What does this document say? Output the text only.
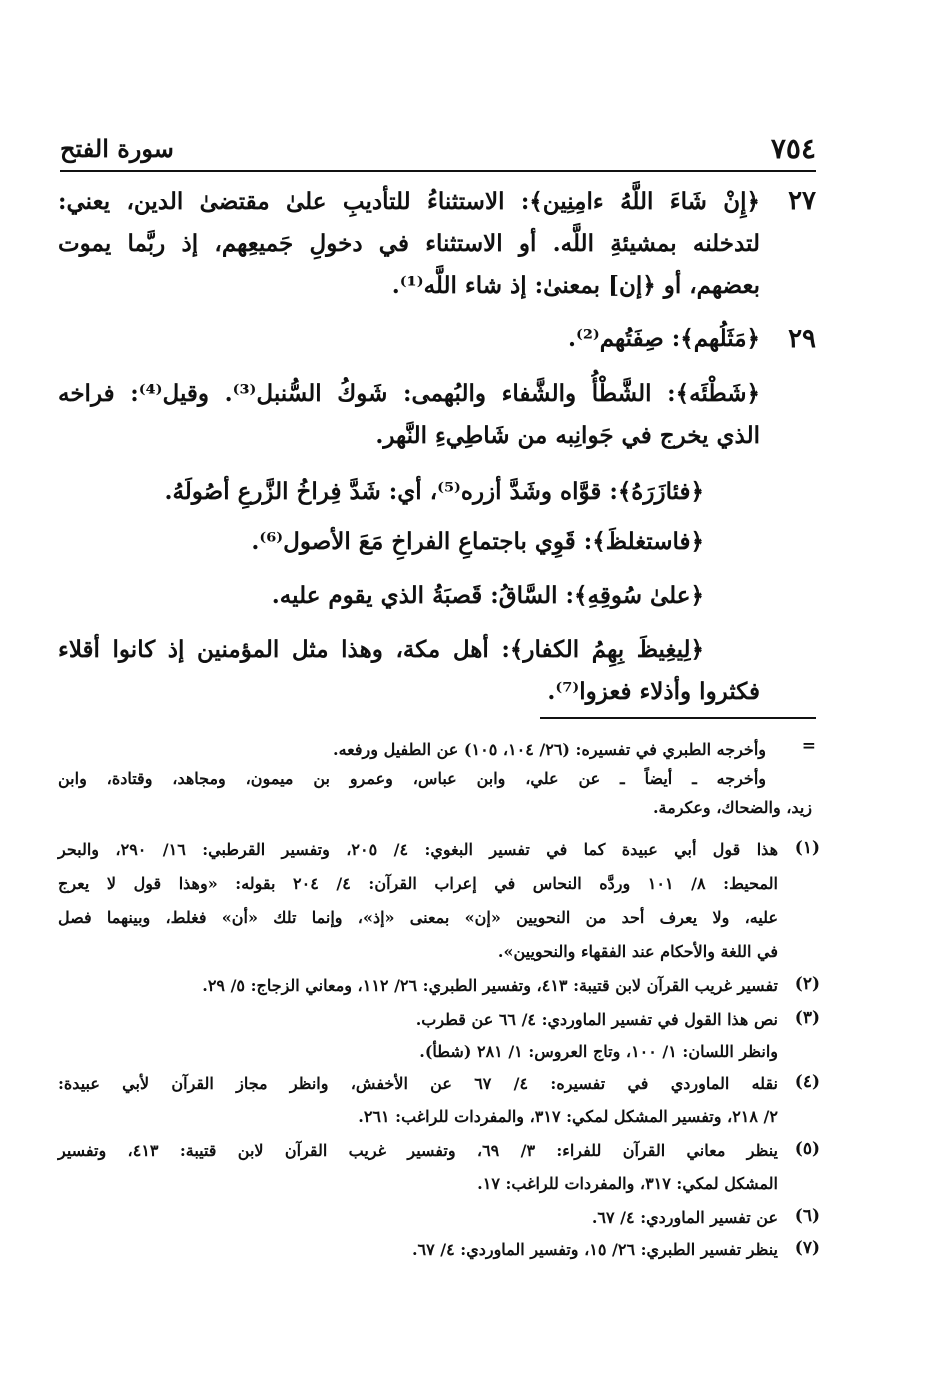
٧٥٤
سورة الفتح
٢٧
﴿إِنْ شَاءَ اللَّهُ ءامِنِين﴾: الاستثناءُ للتأديبِ علىٰ مقتضىٰ الدين، يعني:
لتدخلنه بمشيئةِ اللَّه. أو الاستثناء في دخولِ جَميعِهم، إذ ربَّما يموت
بعضهم، أو ﴿إن] بمعنىٰ: إذ شاء اللَّه⁽¹⁾.
٢٩
﴿مَثَلُهم﴾: صِفَتُهم⁽²⁾.
﴿شَطْئَه﴾: الشَّطْأُ والشَّفاء والبُهمى: شَوكُ السُّنبل⁽³⁾. وقيل⁽⁴⁾: فراخه
الذي يخرج في جَوانِبه من شَاطِيءِ النَّهر.
﴿فئازَرَهُ﴾: قوَّاه وشَدَّ أزره⁽⁵⁾، أي: شَدَّ فِراخُ الزَّرعِ أصُولَهُ.
﴿فاستغلظَ﴾: قَوِي باجتماعِ الفراخِ مَعَ الأصول⁽⁶⁾.
﴿علىٰ سُوقِهِ﴾: السَّاقُ: قَصبَةُ الذي يقوم عليه.
﴿لِيغِيظَ بِهِمُ الكفار﴾: أهل مكة، وهذا مثل المؤمنين إذ كانوا أقلاء
فكثروا وأذلاء فعزوا⁽⁷⁾.
=
وأخرجه الطبري في تفسيره: (٢٦/ ١٠٤، ١٠٥) عن الطفيل ورفعه.
وأخرجه ـ أيضاً ـ عن علي، وابن عباس، وعمرو بن ميمون، ومجاهد، وقتادة، وابن
زيد، والضحاك، وعكرمة.
(١)
هذا قول أبي عبيدة كما في تفسير البغوي: ٤/ ٢٠٥، وتفسير القرطبي: ١٦/ ٢٩٠، والبحر
المحيط: ٨/ ١٠١ وردَّه النحاس في إعراب القرآن: ٤/ ٢٠٤ بقوله: «وهذا قول لا يعرج
عليه، ولا يعرف أحد من النحويين «إن» بمعنى «إذ»، وإنما تلك «أن» فغلط، وبينهما فصل
في اللغة والأحكام عند الفقهاء والنحويين».
(٢)
تفسير غريب القرآن لابن قتيبة: ٤١٣، وتفسير الطبري: ٢٦/ ١١٢، ومعاني الزجاج: ٥/ ٢٩.
(٣)
نص هذا القول في تفسير الماوردي: ٤/ ٦٦ عن قطرب.
وانظر اللسان: ١/ ١٠٠، وتاج العروس: ١/ ٢٨١ (شطأ).
(٤)
نقله الماوردي في تفسيره: ٤/ ٦٧ عن الأخفش، وانظر مجاز القرآن لأبي عبيدة:
٢/ ٢١٨، وتفسير المشكل لمكي: ٣١٧، والمفردات للراغب: ٢٦١.
(٥)
ينظر معاني القرآن للفراء: ٣/ ٦٩، وتفسير غريب القرآن لابن قتيبة: ٤١٣، وتفسير
المشكل لمكي: ٣١٧، والمفردات للراغب: ١٧.
(٦)
عن تفسير الماوردي: ٤/ ٦٧.
(٧)
ينظر تفسير الطبري: ٢٦/ ١٥، وتفسير الماوردي: ٤/ ٦٧.
